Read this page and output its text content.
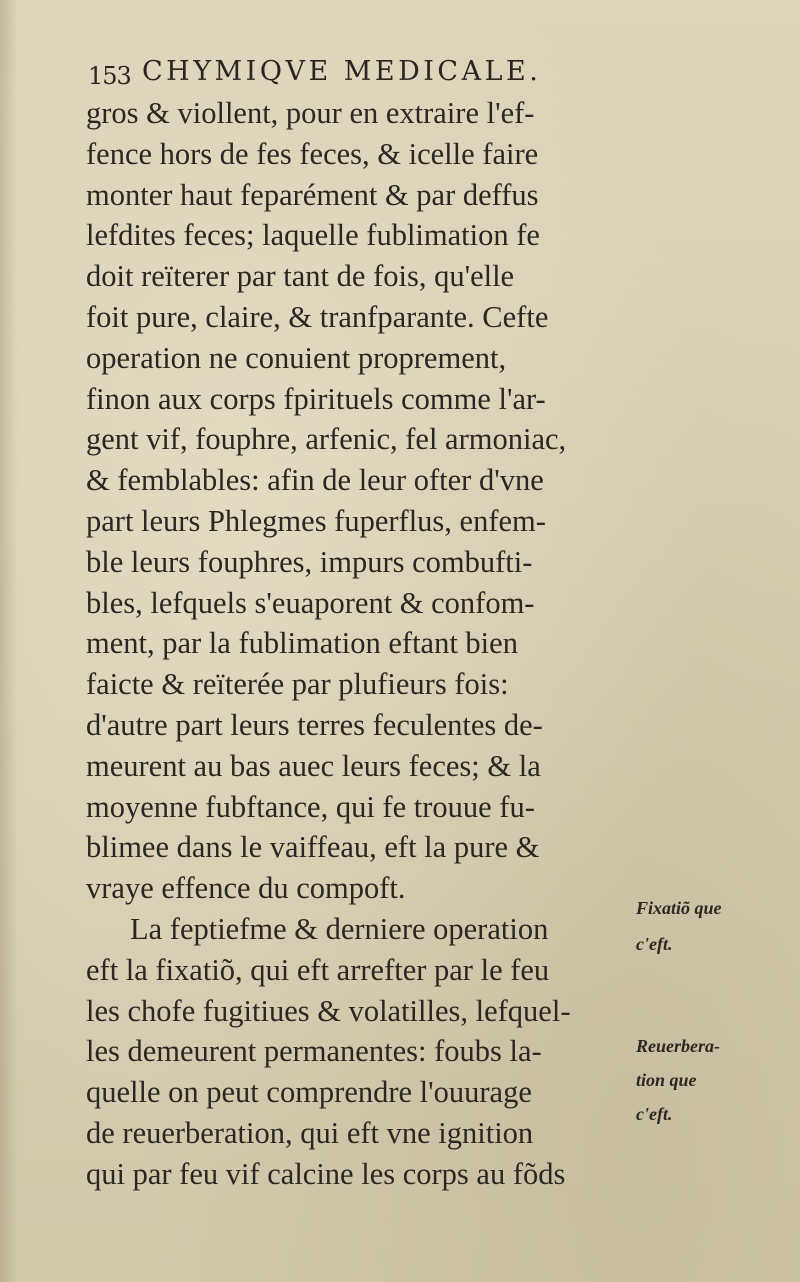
153 CHYMIQVE MEDICALE.
gros & viollent, pour en extraire l'ef-
fence hors de fes feces, & icelle faire
monter haut feparément & par deffus
lefdites feces; laquelle fublimation fe
doit reïterer par tant de fois, qu'elle
foit pure, claire, & tranfparante. Cefte
operation ne conuient proprement,
finon aux corps fpirituels comme l'ar-
gent vif, fouphre, arfenic, fel armoniac,
& femblables: afin de leur ofter d'vne
part leurs Phlegmes fuperflus, enfem-
ble leurs fouphres, impurs combufti-
bles, lefquels s'euaporent & confom-
ment, par la fublimation eftant bien
faicte & reïterée par plufieurs fois:
d'autre part leurs terres feculentes de-
meurent au bas auec leurs feces; & la
moyenne fubftance, qui fe trouue fu-
blimee dans le vaiffeau, eft la pure &
vraye effence du compoft.
La feptiefme & derniere operation
eft la fixatiõ, qui eft arrefter par le feu
les chofe fugitiues & volatilles, lefquel-
les demeurent permanentes: foubs la-
quelle on peut comprendre l'ouurage
de reuerberation, qui eft vne ignition
qui par feu vif calcine les corps au fõds
Fixatiõ que
c'eft.
Reuerbera-
tion que
c'eft.
